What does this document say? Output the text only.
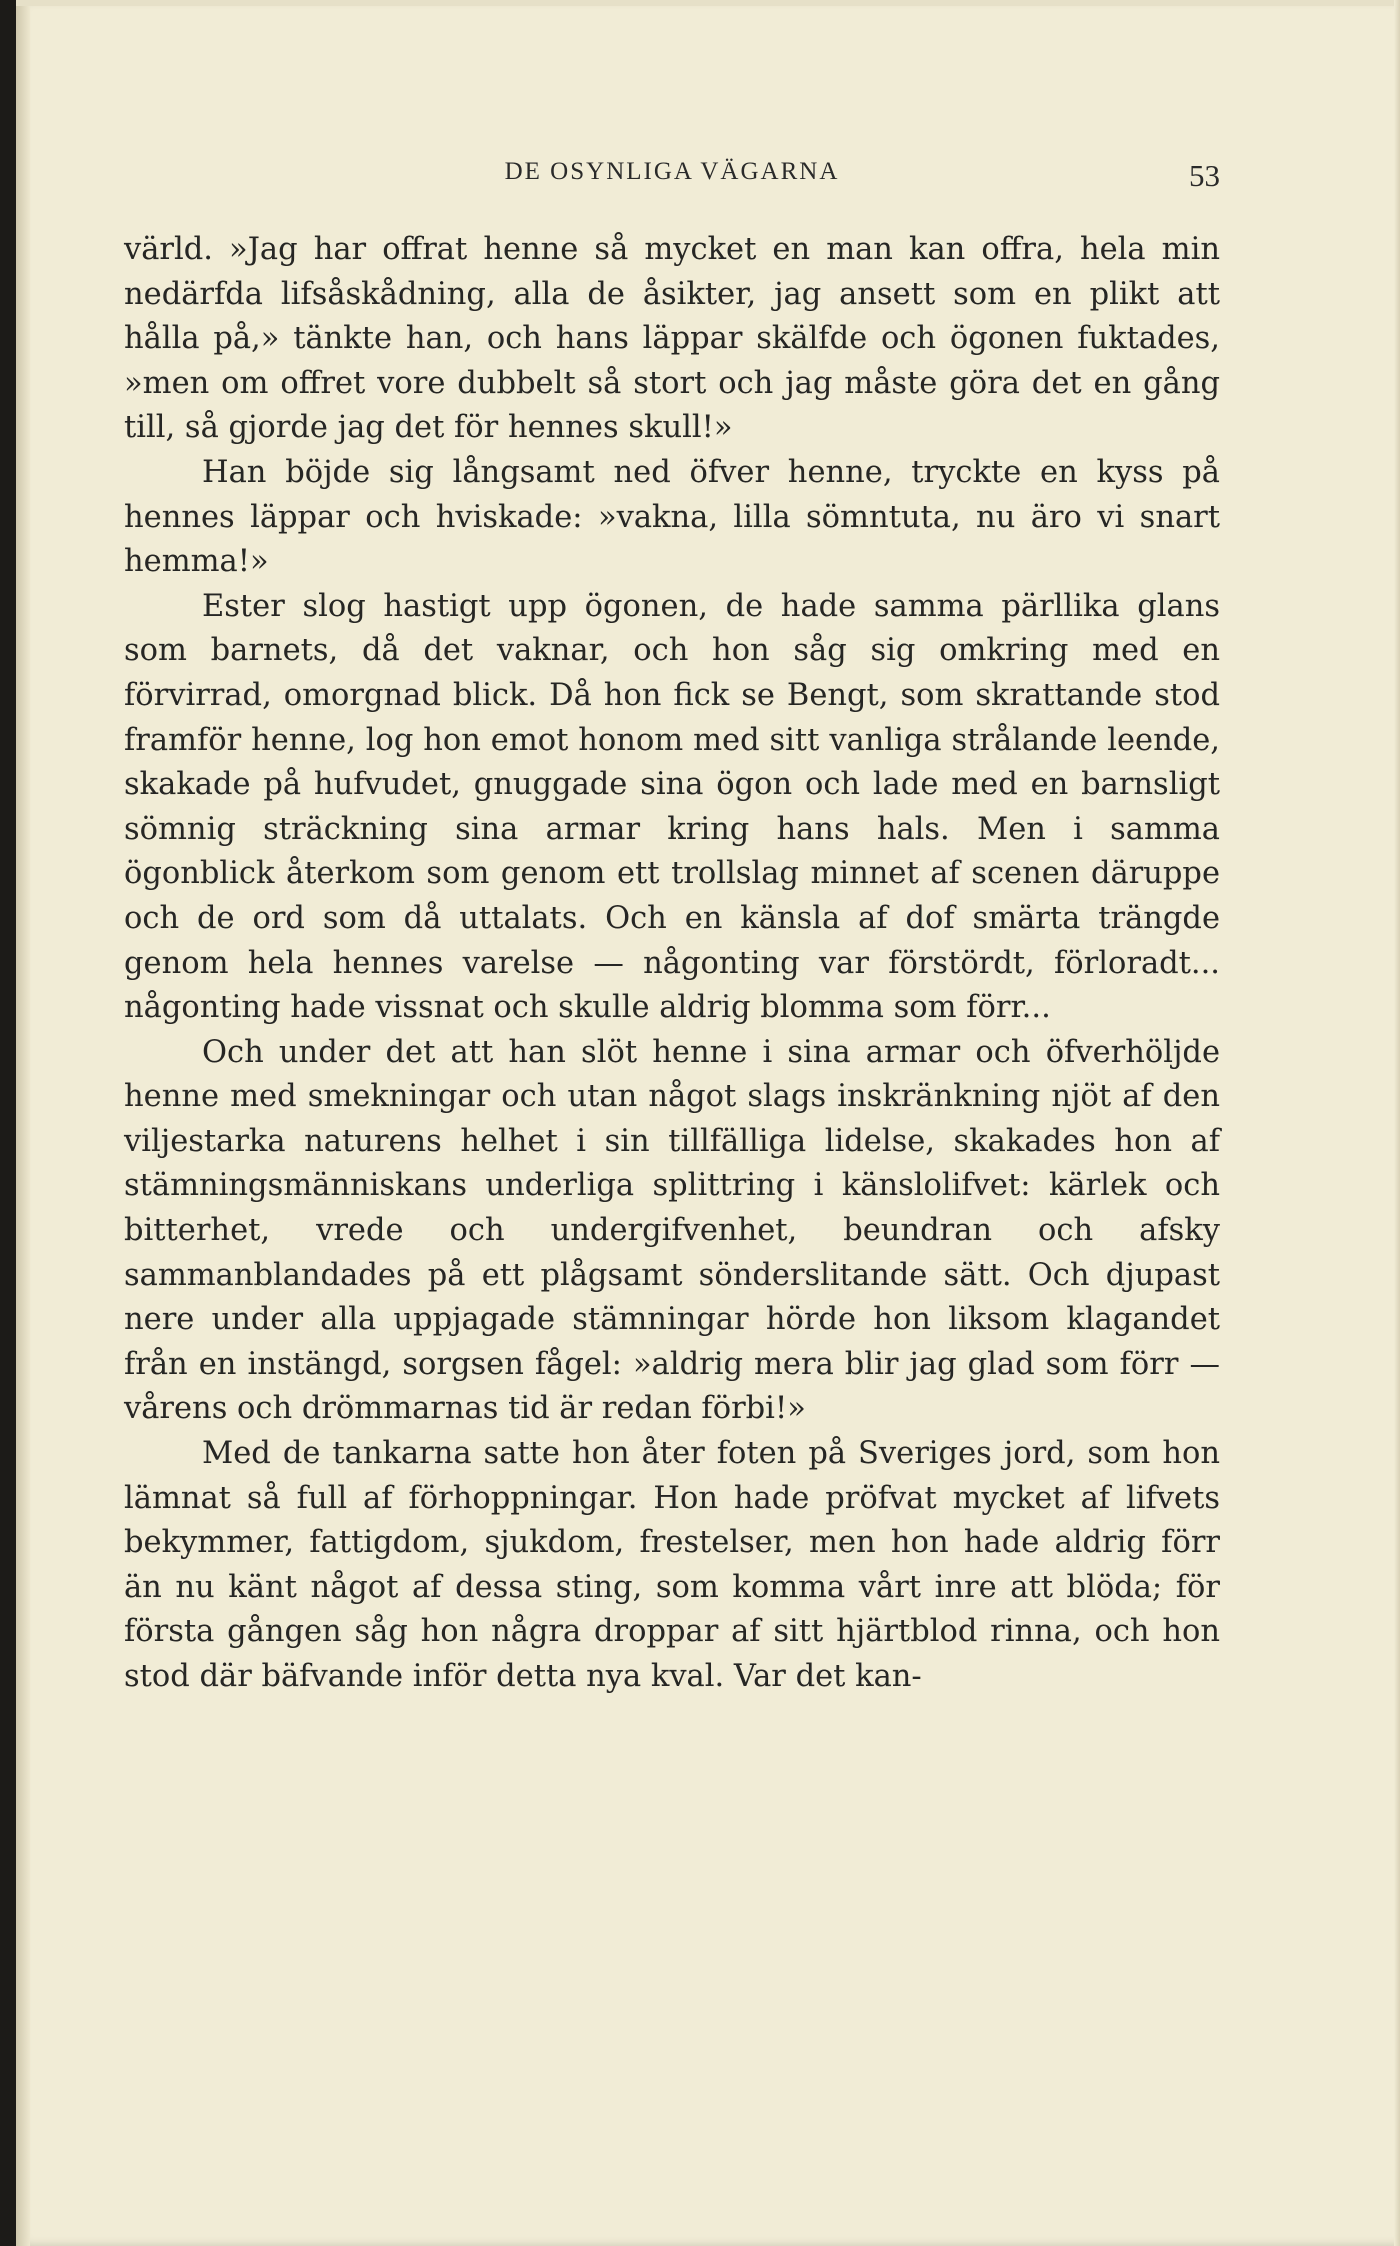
DE OSYNLIGA VÄGARNA	53

värld. »Jag har offrat henne så mycket en man kan offra, hela min nedärfda lifsåskådning, alla de åsikter, jag ansett som en plikt att hålla på,» tänkte han, och hans läppar skälfde och ögonen fuktades, »men om offret vore dubbelt så stort och jag måste göra det en gång till, så gjorde jag det för hennes skull!»

Han böjde sig långsamt ned öfver henne, tryckte en kyss på hennes läppar och hviskade: »vakna, lilla sömntuta, nu äro vi snart hemma!»

Ester slog hastigt upp ögonen, de hade samma pärllika glans som barnets, då det vaknar, och hon såg sig omkring med en förvirrad, omorgnad blick. Då hon fick se Bengt, som skrattande stod framför henne, log hon emot honom med sitt vanliga strålande leende, skakade på hufvudet, gnuggade sina ögon och lade med en barnsligt sömnig sträckning sina armar kring hans hals. Men i samma ögonblick återkom som genom ett trollslag minnet af scenen däruppe och de ord som då uttalats. Och en känsla af dof smärta trängde genom hela hennes varelse — någonting var förstördt, förloradt... någonting hade vissnat och skulle aldrig blomma som förr...

Och under det att han slöt henne i sina armar och öfverhöljde henne med smekningar och utan något slags inskränkning njöt af den viljestarka naturens helhet i sin tillfälliga lidelse, skakades hon af stämningsmänniskans underliga splittring i känslolifvet: kärlek och bitterhet, vrede och undergifvenhet, beundran och afsky sammanblandades på ett plågsamt sönderslitande sätt. Och djupast nere under alla uppjagade stämningar hörde hon liksom klagandet från en instängd, sorgsen fågel: »aldrig mera blir jag glad som förr — vårens och drömmarnas tid är redan förbi!»

Med de tankarna satte hon åter foten på Sveriges jord, som hon lämnat så full af förhoppningar. Hon hade pröfvat mycket af lifvets bekymmer, fattigdom, sjukdom, frestelser, men hon hade aldrig förr än nu känt något af dessa sting, som komma vårt inre att blöda; för första gången såg hon några droppar af sitt hjärtblod rinna, och hon stod där bäfvande inför detta nya kval. Var det kan-
